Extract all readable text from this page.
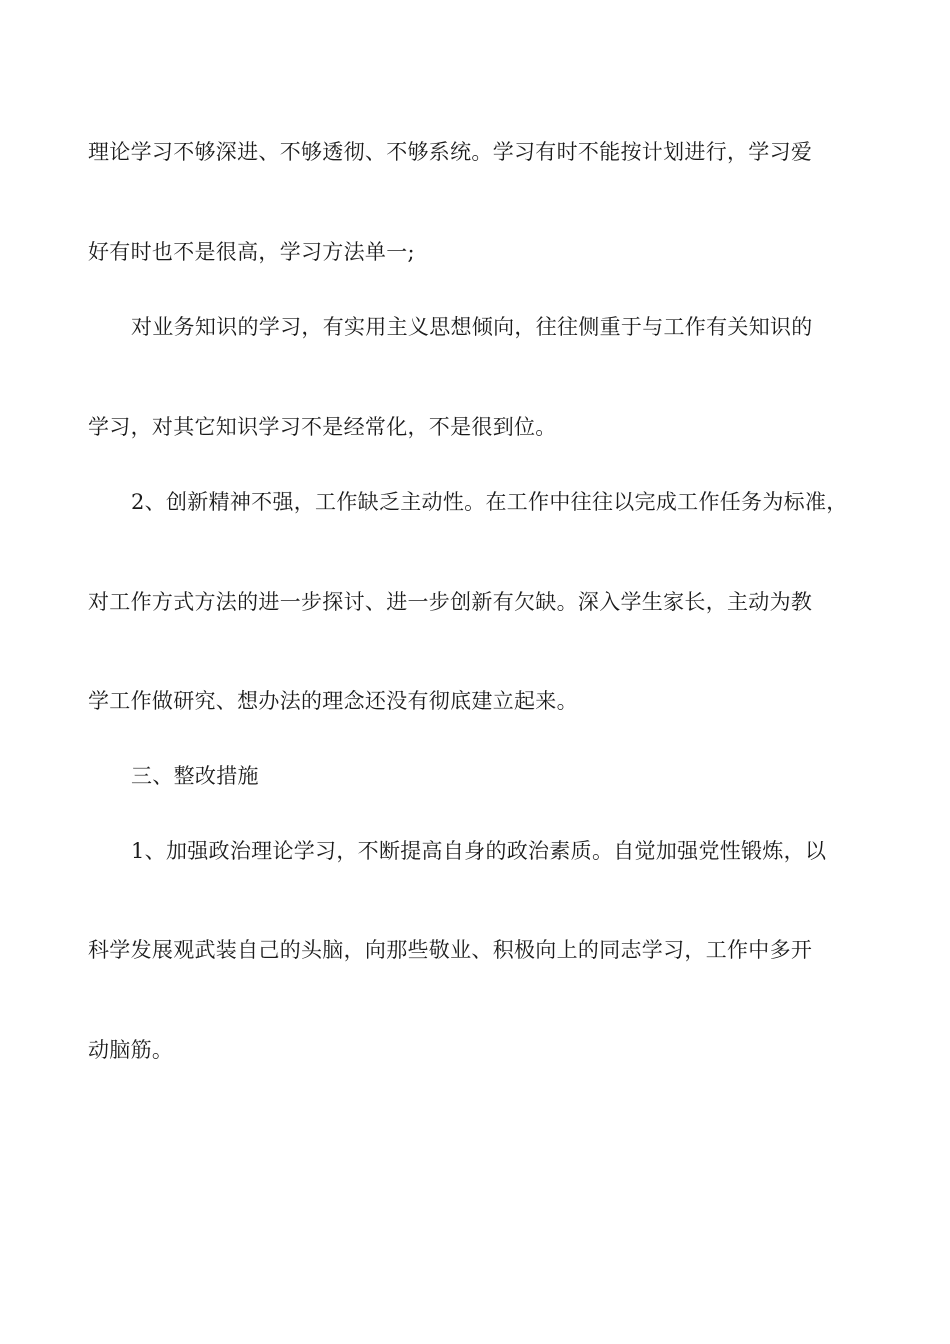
理论学习不够深进、不够透彻、不够系统。学习有时不能按计划进行，学习爱
好有时也不是很高，学习方法单一;
对业务知识的学习，有实用主义思想倾向，往往侧重于与工作有关知识的
学习，对其它知识学习不是经常化，不是很到位。
2、创新精神不强，工作缺乏主动性。在工作中往往以完成工作任务为标准，
对工作方式方法的进一步探讨、进一步创新有欠缺。深入学生家长，主动为教
学工作做研究、想办法的理念还没有彻底建立起来。
三、整改措施
1、加强政治理论学习，不断提高自身的政治素质。自觉加强党性锻炼，以
科学发展观武装自己的头脑，向那些敬业、积极向上的同志学习，工作中多开
动脑筋。
